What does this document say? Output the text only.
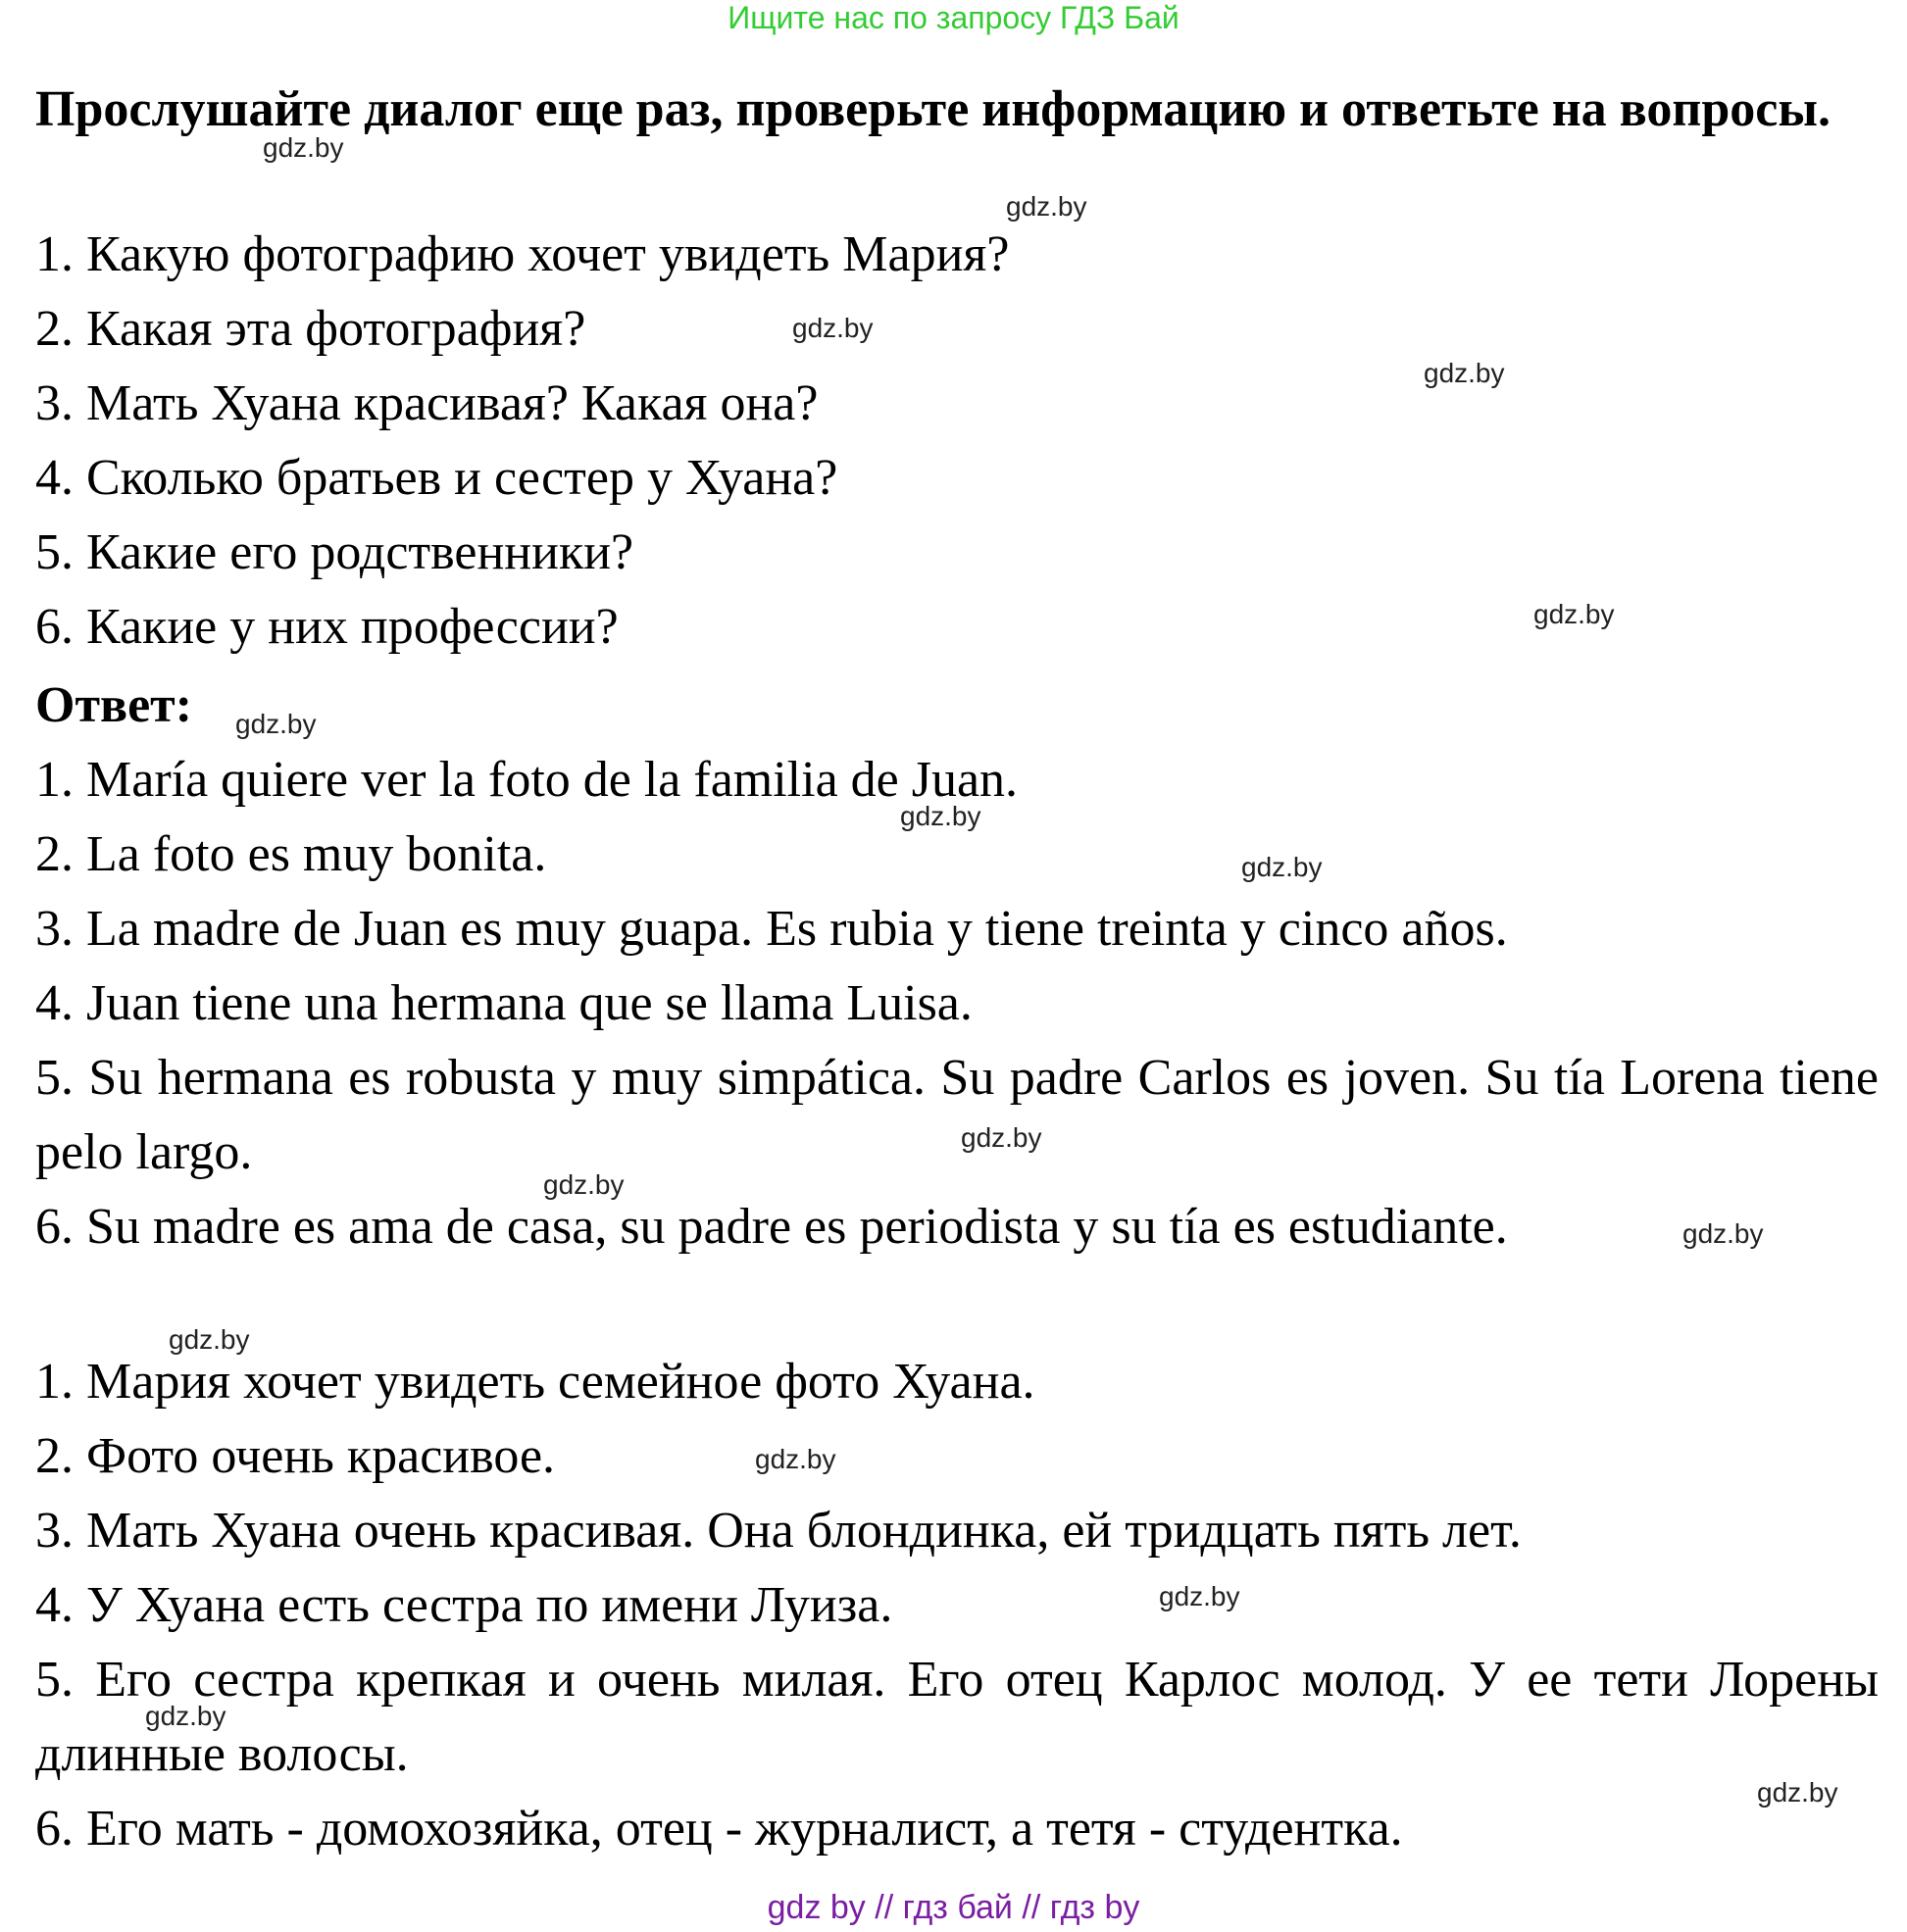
Ищите нас по запросу ГДЗ Бай

Прослушайте диалог еще раз, проверьте информацию и ответьте на вопросы.

1. Какую фотографию хочет увидеть Мария?

2. Какая эта фотография?

3. Мать Хуана красивая? Какая она?

4. Сколько братьев и сестер у Хуана?

5. Какие его родственники?

6. Какие у них профессии?

Ответ:

1. María quiere ver la foto de la familia de Juan.

2. La foto es muy bonita.

3. La madre de Juan es muy guapa. Es rubia y tiene treinta y cinco años.

4. Juan tiene una hermana que se llama Luisa.

5. Su hermana es robusta y muy simpática. Su padre Carlos es joven. Su tía Lorena tiene pelo largo.

6. Su madre es ama de casa, su padre es periodista y su tía es estudiante.

1. Мария хочет увидеть семейное фото Хуана.

2. Фото очень красивое.

3. Мать Хуана очень красивая. Она блондинка, ей тридцать пять лет.

4. У Хуана есть сестра по имени Луиза.

5. Его сестра крепкая и очень милая. Его отец Карлос молод. У ее тети Лорены длинные волосы.

6. Его мать - домохозяйка, отец - журналист, а тетя - студентка.

gdz.by
gdz.by
gdz.by
gdz.by
gdz.by
gdz.by
gdz.by
gdz.by
gdz.by
gdz.by
gdz.by
gdz.by
gdz.by
gdz.by
gdz.by
gdz.by
gdz by // гдз бай // гдз by
